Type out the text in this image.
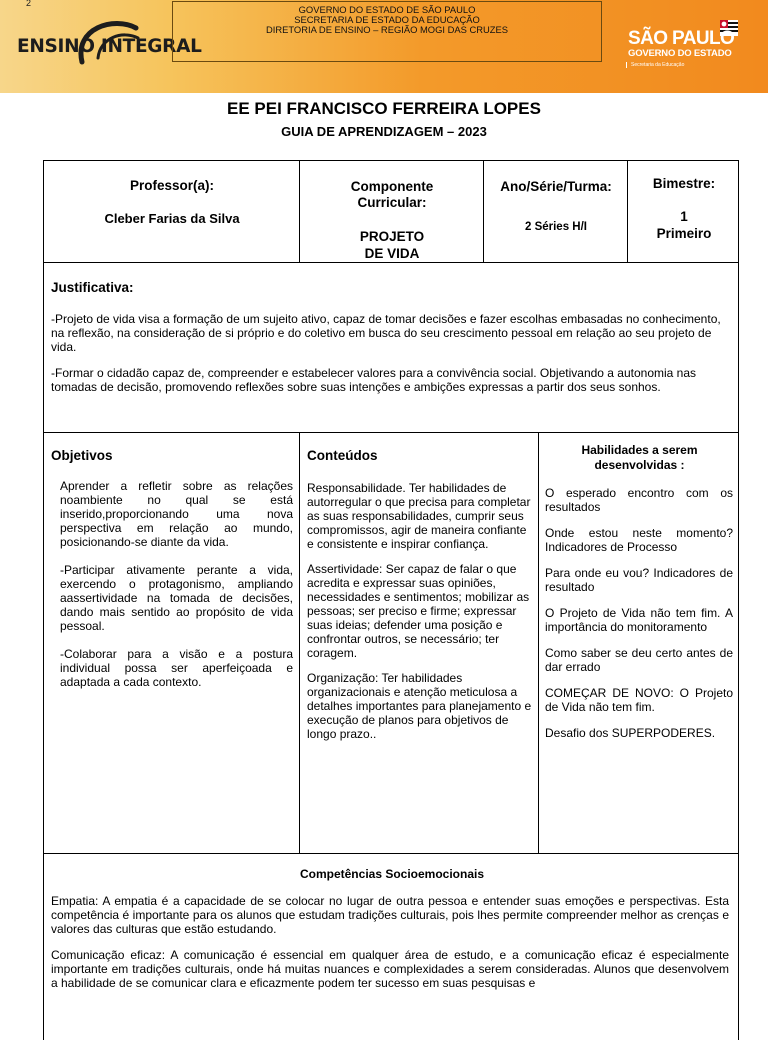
2
ENSINO INTEGRAL
GOVERNO DO ESTADO DE SÃO PAULO
SECRETARIA DE ESTADO DA EDUCAÇÃO
DIRETORIA DE ENSINO – REGIÃO MOGI DAS CRUZES	SÃO PAULO
GOVERNO DO ESTADO
Secretaria da Educação
EE PEI FRANCISCO FERREIRA LOPES
GUIA DE APRENDIZAGEM – 2023
Professor(a):
Cleber Farias da Silva
Componente
Curricular:
PROJETO
DE VIDA
Ano/Série/Turma:
2 Séries H/I
Bimestre:
1
Primeiro
Justificativa:

-Projeto de vida visa a formação de um sujeito ativo, capaz de tomar decisões e fazer escolhas embasadas no conhecimento, na reflexão, na consideração de si próprio e do coletivo em busca do seu crescimento pessoal em relação ao seu projeto de vida.

-Formar o cidadão capaz de, compreender e estabelecer valores para a convivência social. Objetivando a autonomia nas tomadas de decisão, promovendo reflexões sobre suas intenções e ambições expressas a partir dos seus sonhos.

Objetivos

Aprender a refletir sobre as relações noambiente no qual se está inserido,proporcionando uma nova perspectiva em relação ao mundo, posicionando-se diante da vida.

-Participar ativamente perante a vida, exercendo o protagonismo, ampliando aassertividade na tomada de decisões, dando mais sentido ao propósito de vida pessoal.

-Colaborar para a visão e a postura individual possa ser aperfeiçoada e adaptada a cada contexto.

Conteúdos

Responsabilidade. Ter habilidades de autorregular o que precisa para completar as suas responsabilidades, cumprir seus compromissos, agir de maneira confiante e consistente e inspirar confiança.

Assertividade: Ser capaz de falar o que acredita e expressar suas opiniões, necessidades e sentimentos; mobilizar as pessoas; ser preciso e firme; expressar suas ideias; defender uma posição e confrontar outros, se necessário; ter coragem.

Organização: Ter habilidades organizacionais e atenção meticulosa a detalhes importantes para planejamento e execução de planos para objetivos de longo prazo..

Habilidades a serem
desenvolvidas :

O esperado encontro com os resultados

Onde estou neste momento? Indicadores de Processo

Para onde eu vou? Indicadores de resultado

O Projeto de Vida não tem fim. A importância do monitoramento

Como saber se deu certo antes de dar errado

COMEÇAR DE NOVO: O Projeto de Vida não tem fim.

Desafio dos SUPERPODERES.

Competências Socioemocionais

Empatia: A empatia é a capacidade de se colocar no lugar de outra pessoa e entender suas emoções e perspectivas. Esta competência é importante para os alunos que estudam tradições culturais, pois lhes permite compreender melhor as crenças e valores das culturas que estão estudando.

Comunicação eficaz: A comunicação é essencial em qualquer área de estudo, e a comunicação eficaz é especialmente importante em tradições culturais, onde há muitas nuances e complexidades a serem consideradas. Alunos que desenvolvem a habilidade de se comunicar clara e eficazmente podem ter sucesso em suas pesquisas e
